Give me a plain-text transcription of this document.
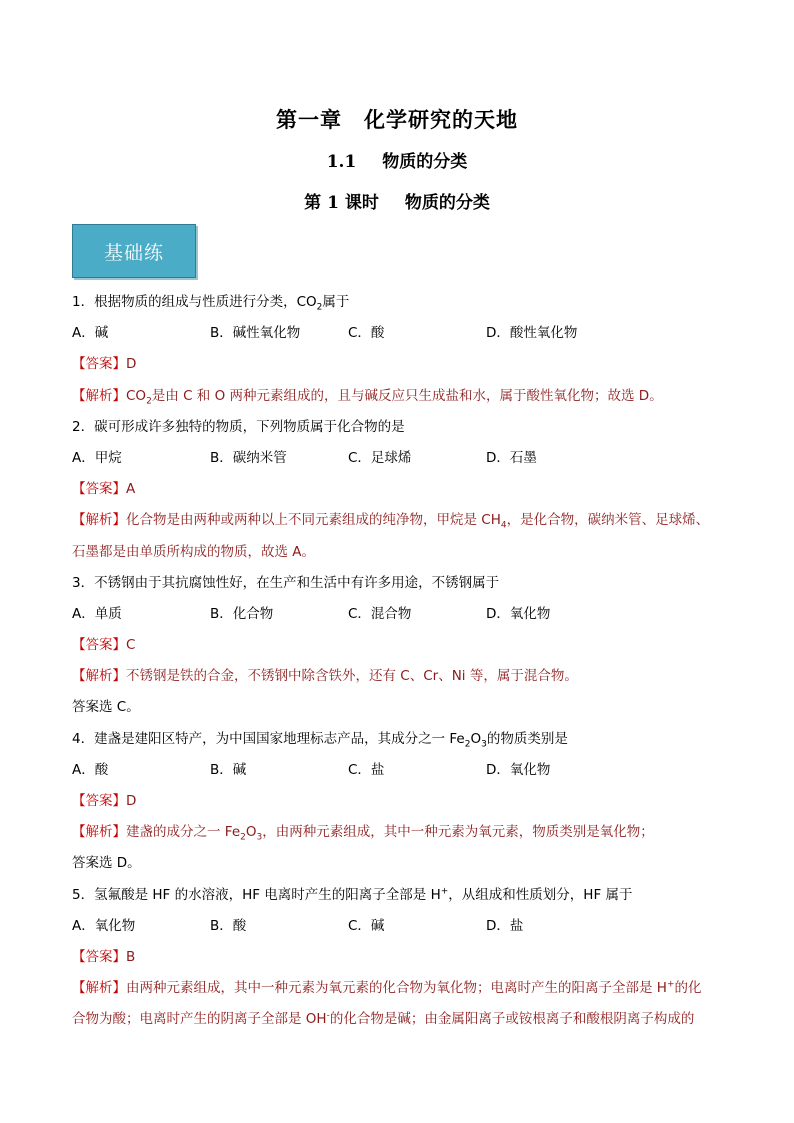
第一章 化学研究的天地
1.1 物质的分类
第 1 课时 物质的分类
基础练
1．根据物质的组成与性质进行分类，$CO_2$属于
A．碱	B．碱性氧化物	C．酸	D．酸性氧化物
【答案】D
【解析】$CO_2$是由 C 和 O 两种元素组成的，且与碱反应只生成盐和水，属于酸性氧化物；故选 D。
2．碳可形成许多独特的物质，下列物质属于化合物的是
A．甲烷	B．碳纳米管	C．足球烯	D．石墨
【答案】A
【解析】化合物是由两种或两种以上不同元素组成的纯净物，甲烷是 $CH_4$，是化合物，碳纳米管、足球烯、
石墨都是由单质所构成的物质，故选 A。
3．不锈钢由于其抗腐蚀性好，在生产和生活中有许多用途，不锈钢属于
A．单质	B．化合物	C．混合物	D．氧化物
【答案】C
【解析】不锈钢是铁的合金，不锈钢中除含铁外，还有 C、Cr、Ni 等，属于混合物。
答案选 C。
4．建盏是建阳区特产，为中国国家地理标志产品，其成分之一 $Fe_2O_3$的物质类别是
A．酸	B．碱	C．盐	D．氧化物
【答案】D
【解析】建盏的成分之一 $Fe_2O_3$，由两种元素组成，其中一种元素为氧元素，物质类别是氧化物；
答案选 D。
5．氢氟酸是 HF 的水溶液，HF 电离时产生的阳离子全部是 H+，从组成和性质划分，HF 属于
A．氧化物	B．酸	C．碱	D．盐
【答案】B
【解析】由两种元素组成，其中一种元素为氧元素的化合物为氧化物；电离时产生的阳离子全部是 H+的化
合物为酸；电离时产生的阴离子全部是 OH-的化合物是碱；由金属阳离子或铵根离子和酸根阴离子构成的
